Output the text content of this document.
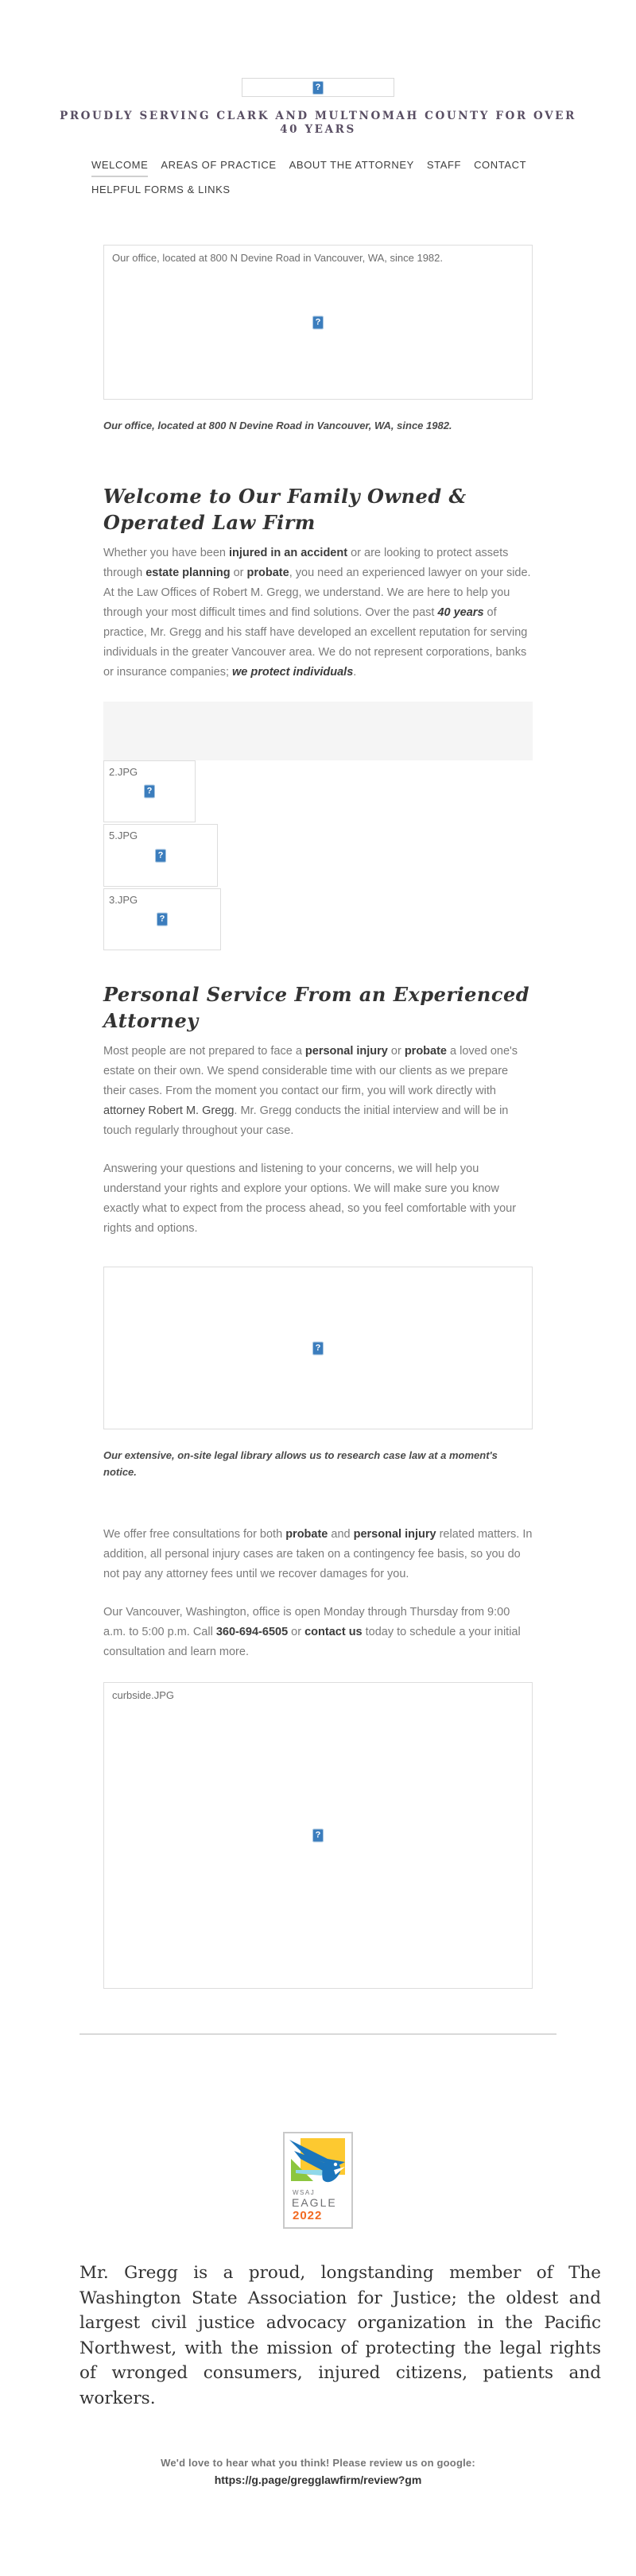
?
PROUDLY SERVING CLARK AND MULTNOMAH COUNTY FOR OVER 40 YEARS
WELCOME AREAS OF PRACTICE ABOUT THE ATTORNEY STAFF CONTACT
HELPFUL FORMS & LINKS
Our office, located at 800 N Devine Road in Vancouver, WA, since 1982.
?
Our office, located at 800 N Devine Road in Vancouver, WA, since 1982.
Welcome to Our Family Owned & Operated Law Firm

Whether you have been injured in an accident or are looking to protect assets through estate planning or probate, you need an experienced lawyer on your side. At the Law Offices of Robert M. Gregg, we understand. We are here to help you through your most difficult times and find solutions. Over the past 40 years of practice, Mr. Gregg and his staff have developed an excellent reputation for serving individuals in the greater Vancouver area. We do not represent corporations, banks or insurance companies; we protect individuals.

2.JPG
?
5.JPG
?
3.JPG
?
Personal Service From an Experienced Attorney

Most people are not prepared to face a personal injury or probate a loved one's estate on their own. We spend considerable time with our clients as we prepare their cases. From the moment you contact our firm, you will work directly with attorney Robert M. Gregg. Mr. Gregg conducts the initial interview and will be in touch regularly throughout your case.

Answering your questions and listening to your concerns, we will help you understand your rights and explore your options. We will make sure you know exactly what to expect from the process ahead, so you feel comfortable with your rights and options.

?
Our extensive, on-site legal library allows us to research case law at a moment's notice.

We offer free consultations for both probate and personal injury related matters. In addition, all personal injury cases are taken on a contingency fee basis, so you do not pay any attorney fees until we recover damages for you.

Our Vancouver, Washington, office is open Monday through Thursday from 9:00 a.m. to 5:00 p.m. Call 360-694-6505 or contact us today to schedule a your initial consultation and learn more.

curbside.JPG
?
WSAJ
EAGLE
2022
Mr. Gregg is a proud, longstanding member of The Washington State Association for Justice; the oldest and largest civil justice advocacy organization in the Pacific Northwest, with the mission of protecting the legal rights of wronged consumers, injured citizens, patients and workers.
We'd love to hear what you think! Please review us on google:
https://g.page/gregglawfirm/review?gm
